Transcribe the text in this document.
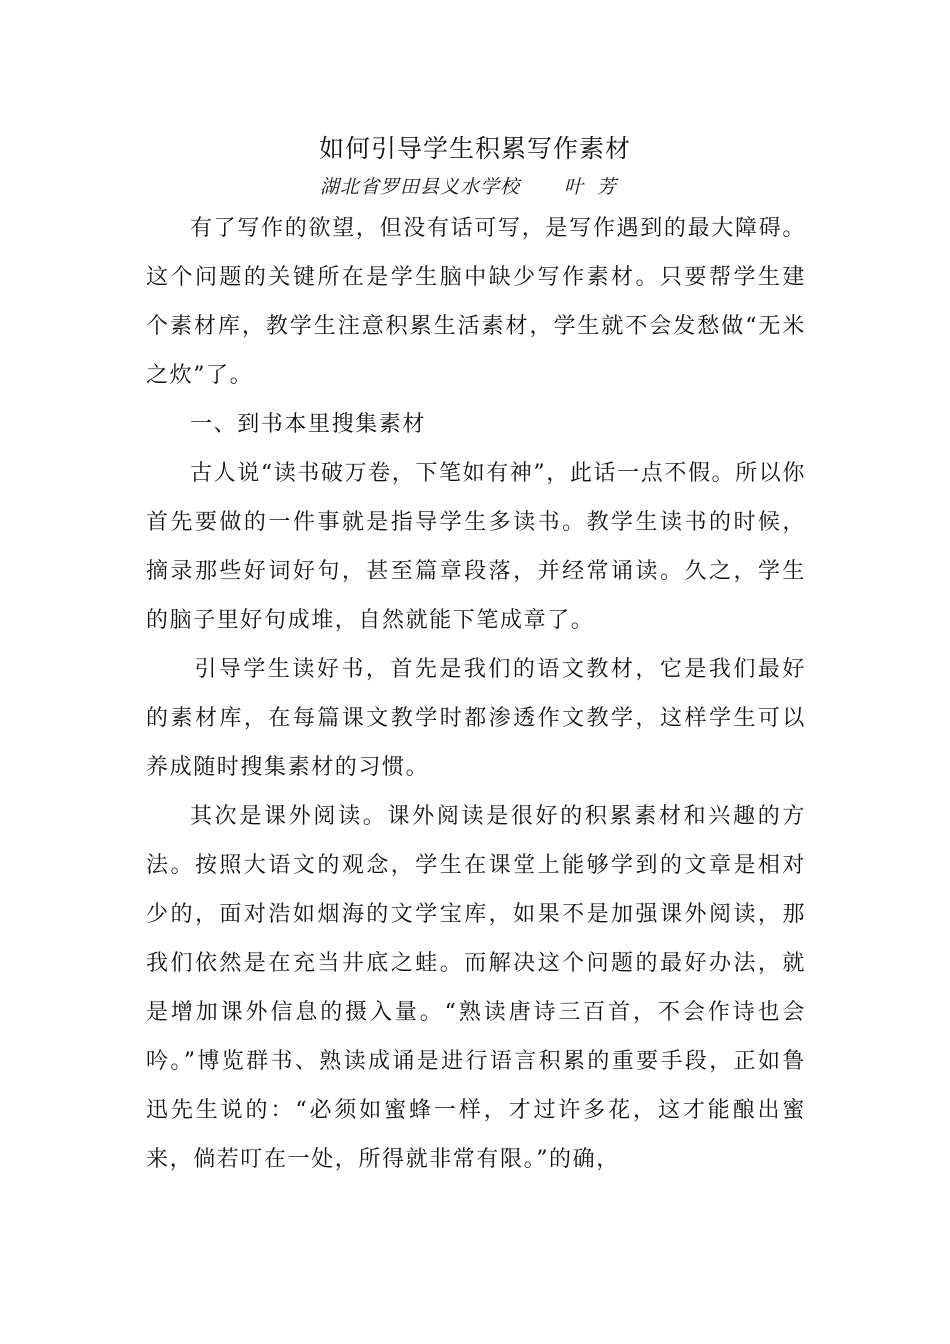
如何引导学生积累写作素材
湖北省罗田县义水学校 叶芳

有了写作的欲望，但没有话可写，是写作遇到的最大障碍。这个问题的关键所在是学生脑中缺少写作素材。只要帮学生建个素材库，教学生注意积累生活素材，学生就不会发愁做“无米之炊”了。

一、到书本里搜集素材

古人说“读书破万卷，下笔如有神”，此话一点不假。所以你首先要做的一件事就是指导学生多读书。教学生读书的时候，摘录那些好词好句，甚至篇章段落，并经常诵读。久之，学生的脑子里好句成堆，自然就能下笔成章了。

引导学生读好书，首先是我们的语文教材，它是我们最好的素材库，在每篇课文教学时都渗透作文教学，这样学生可以养成随时搜集素材的习惯。

其次是课外阅读。课外阅读是很好的积累素材和兴趣的方法。按照大语文的观念，学生在课堂上能够学到的文章是相对少的，面对浩如烟海的文学宝库，如果不是加强课外阅读，那我们依然是在充当井底之蛙。而解决这个问题的最好办法，就是增加课外信息的摄入量。“熟读唐诗三百首，不会作诗也会吟。”博览群书、熟读成诵是进行语言积累的重要手段，正如鲁迅先生说的：“必须如蜜蜂一样，才过许多花，这才能酿出蜜来，倘若叮在一处，所得就非常有限。”的确，
